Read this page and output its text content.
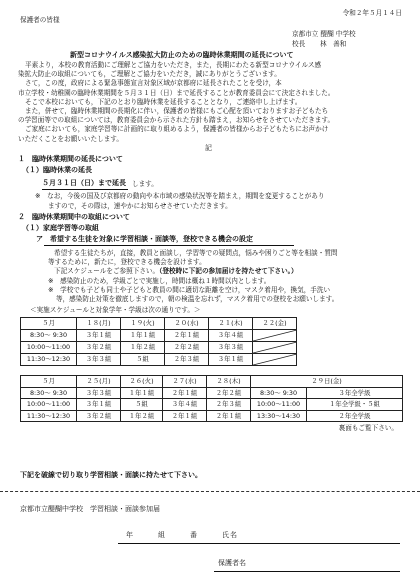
令和２年５月１４日
保護者の皆様
京都市立 醍醐 中学校
校長 林　善和
新型コロナウイルス感染拡大防止のための臨時休業期間の延長について
平素より，本校の教育活動にご理解とご協力をいただき，また，長期にわたる新型コロナウイルス感
染拡大防止の取組についても，ご理解とご協力をいただき，誠にありがとうございます。
さて，この度，政府による緊急事態宣言対象区域が京都府に延長されたことを受け，本
市立学校・幼稚園の臨時休業期間を５月３１日（日）まで延長することが教育委員会にて決定されました。
そこで本校においても，下記のとおり臨時休業を延長することとなり，ご連絡申し上げます。
また，併せて，臨時休業期間の長期化に伴い，保護者の皆様にもご心配を頂いておりますお子どもたち
の学習面等での取組については，教育委員会から示された方針も踏まえ，お知らせをさせていただきます。
ご家庭においても，家庭学習等に計画的に取り組めるよう，保護者の皆様からお子どもたちにお声かけ
いただくことをお願いいたします。
記
１　臨時休業期間の延長について
（１）臨時休業の延長
５月３１日（日）まで延長 します。
※　なお，今後の国及び京都府の動向や本市域の感染状況等を踏まえ，期間を変更することがあり
ますので，その際は，速やかにお知らせさせていただきます。
２　臨時休業期間中の取組について
（１）家庭学習等の取組
ア　希望する生徒を対象に学習相談・面談等，登校できる機会の設定
希望する生徒たちが，直接，教員と面談し，学習等での疑問点，悩みや困りごと等を相談・質問
等するために，新たに，登校できる機会を設けます。
下記スケジュールをご参照下さい。（登校時に下記の参加届けを持たせて下さい。）
※　感染防止のため，学級ごとで実施し，時間は概ね１時間以内とします。
※　学校でも子ども同士や子どもと教員の間に適切な距離を空け，マスク着用や，換気，手洗い
等，感染防止対策を徹底しますので，朝の検温を忘れず，マスク着用での登校をお願いします。
＜実施スケジュールと対象学年・学級は次の通りです。＞
５月	１８(月)	１９(火)	２０(水)	２１(木)	２２(金)
8:30～ 9:30	３年１組	１年１組	２年１組	３年４組	

10:00～11:00	３年２組	１年２組	２年２組	３年３組	

11:30～12:30	３年３組	５組	２年３組	３年１組	
５月	２５(月)	２６(火)	２７(水)	２８(木)	２９日(金)	
8:30～ 9:30	３年３組	１年１組	２年１組	２年２組	8:30～ 9:30	３年全学級
10:00～11:00	３年１組	５組	３年４組	２年３組	10:00～11:00	１年全学級・５組
11:30～12:30	３年２組	１年２組	２年１組	２年１組	13:30～14:30	２年全学級
裏面もご覧下さい。
下記を破線で切り取り学習相談・面談に持たせて下さい。
京都市立醍醐中学校　学習相談・面談参加届
年　　　組　　　番　　　氏名
保護者名
